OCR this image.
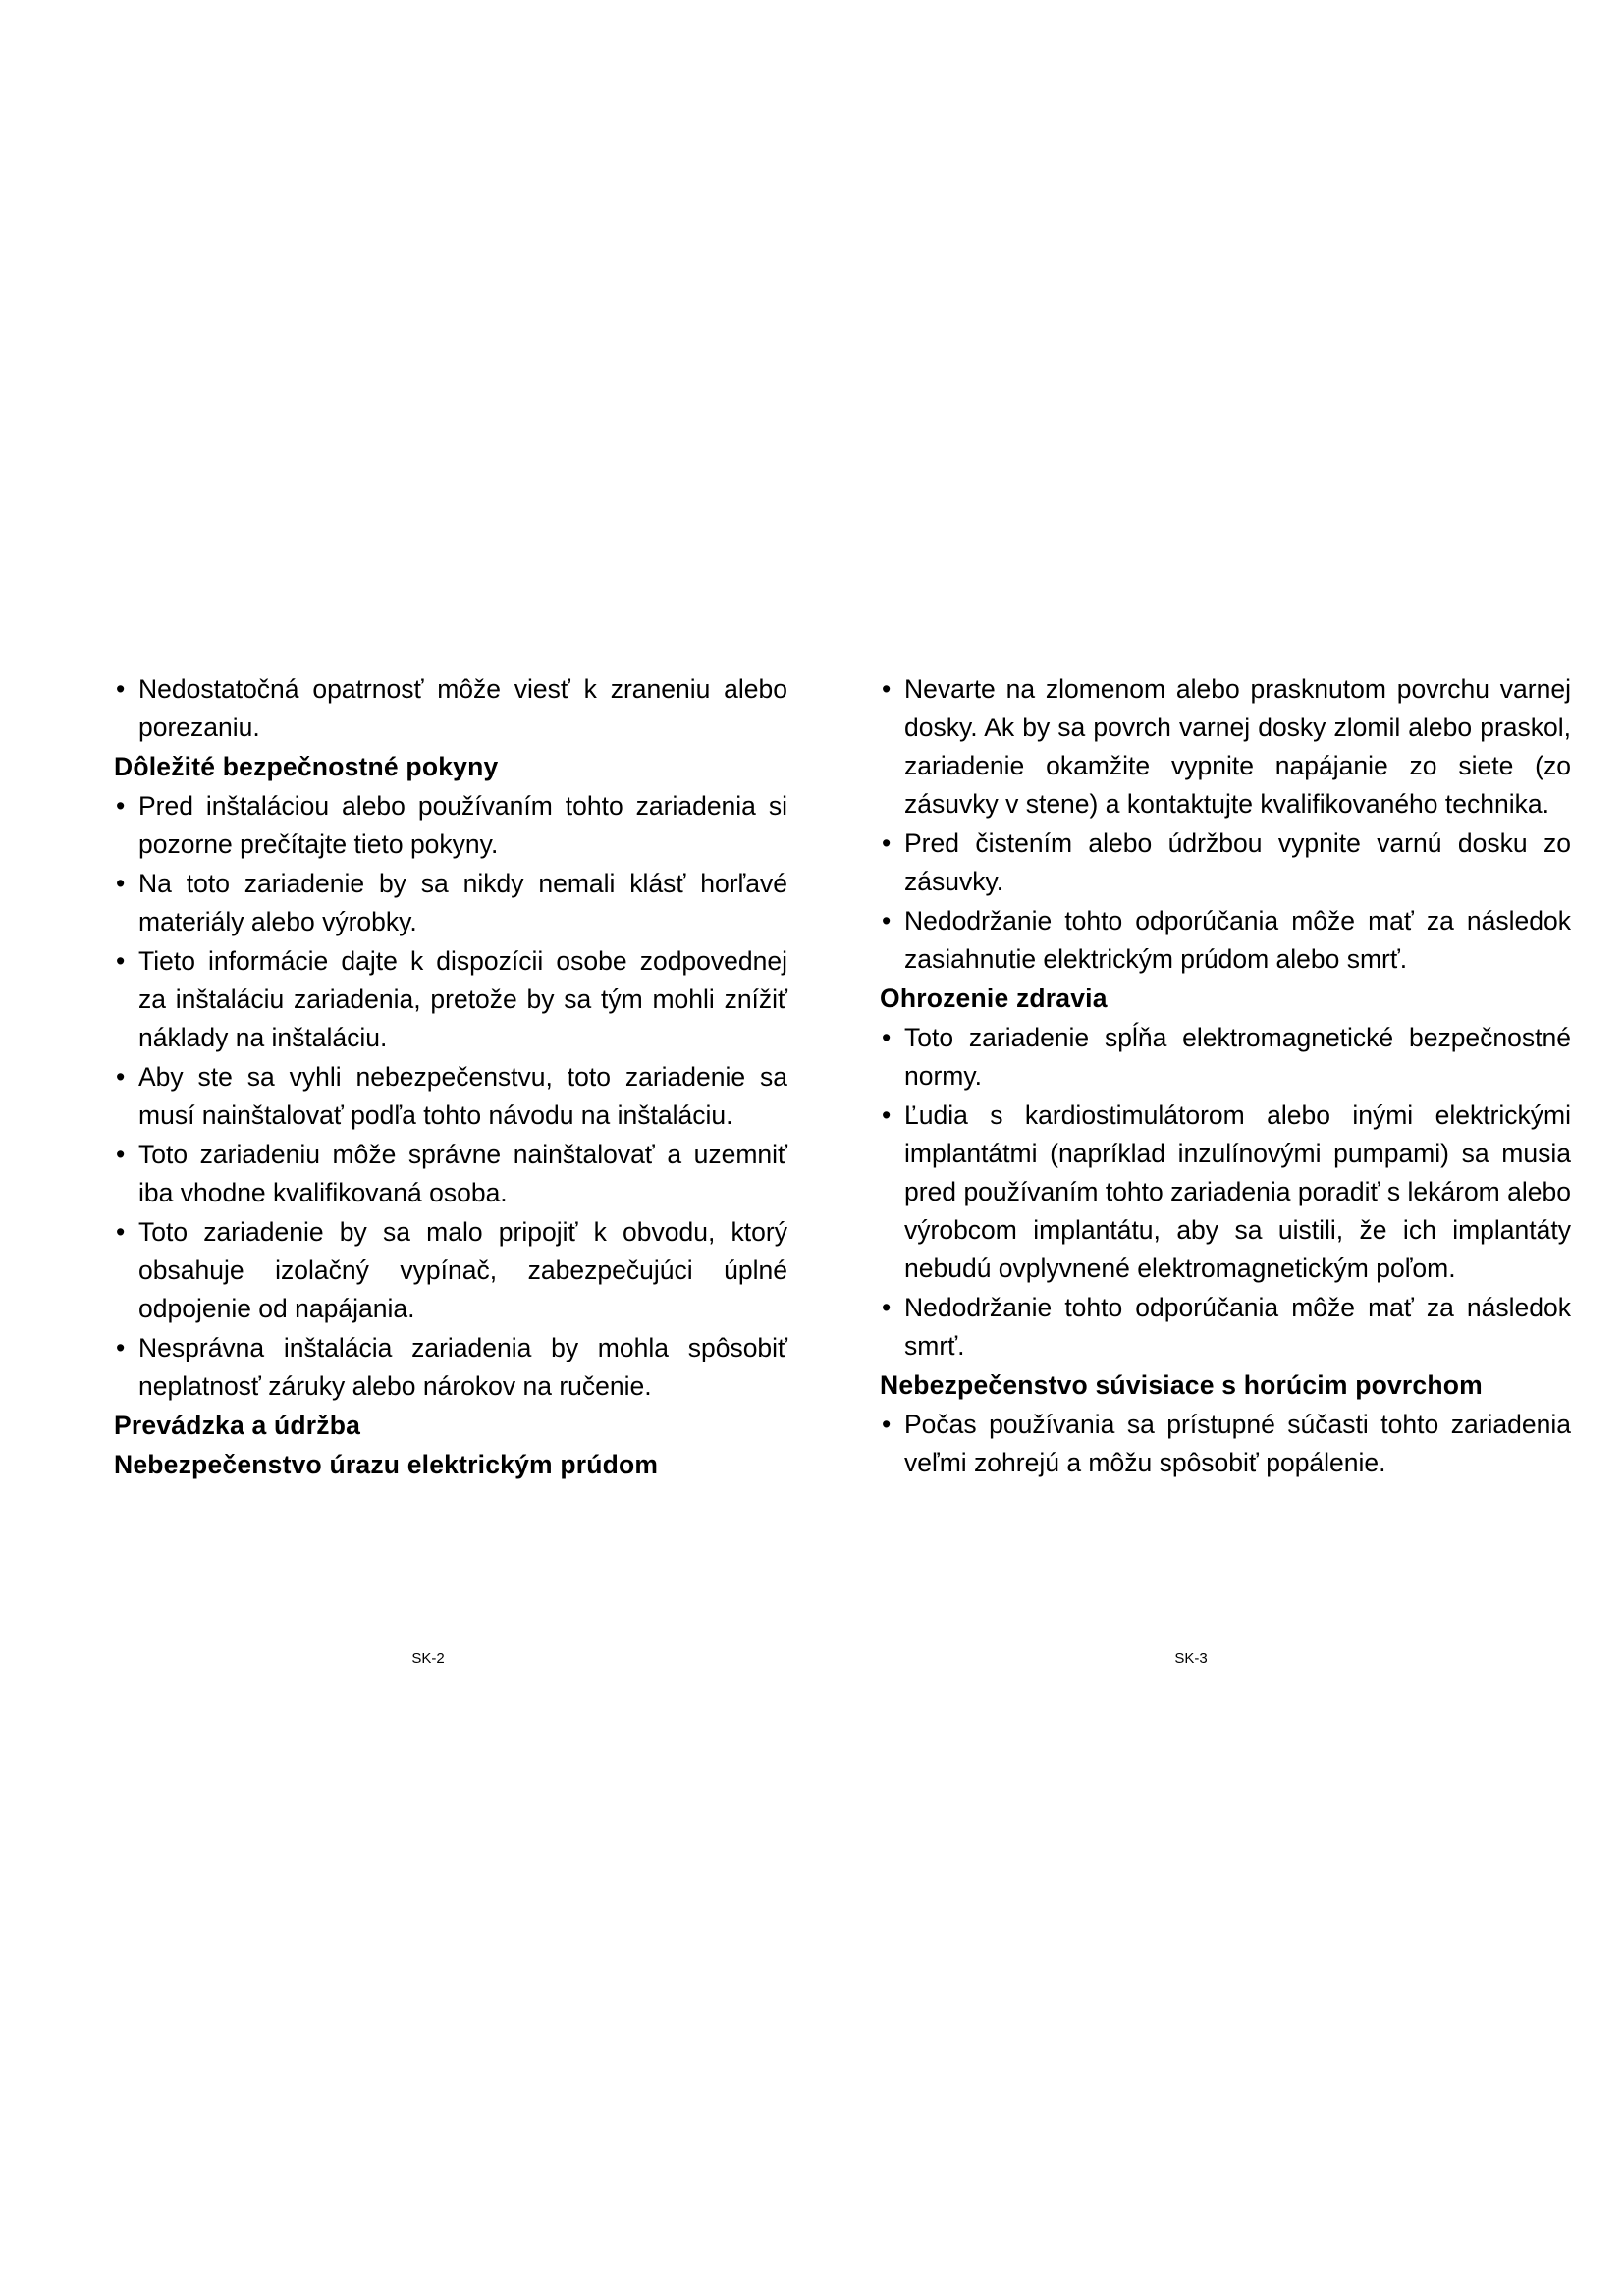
• Nedostatočná opatrnosť môže viesť k zraneniu alebo porezaniu.
Dôležité bezpečnostné pokyny
• Pred inštaláciou alebo používaním tohto zariadenia si pozorne prečítajte tieto pokyny.
• Na toto zariadenie by sa nikdy nemali klásť horľavé materiály alebo výrobky.
• Tieto informácie dajte k dispozícii osobe zodpovednej za inštaláciu zariadenia, pretože by sa tým mohli znížiť náklady na inštaláciu.
• Aby ste sa vyhli nebezpečenstvu, toto zariadenie sa musí nainštalovať podľa tohto návodu na inštaláciu.
• Toto zariadeniu môže správne nainštalovať a uzemniť iba vhodne kvalifikovaná osoba.
• Toto zariadenie by sa malo pripojiť k obvodu, ktorý obsahuje izolačný vypínač, zabezpečujúci úplné odpojenie od napájania.
• Nesprávna inštalácia zariadenia by mohla spôsobiť neplatnosť záruky alebo nárokov na ručenie.
Prevádzka a údržba
Nebezpečenstvo úrazu elektrickým prúdom
• Nevarte na zlomenom alebo prasknutom povrchu varnej dosky. Ak by sa povrch varnej dosky zlomil alebo praskol, zariadenie okamžite vypnite napájanie zo siete (zo zásuvky v stene) a kontaktujte kvalifikovaného technika.
• Pred čistením alebo údržbou vypnite varnú dosku zo zásuvky.
• Nedodržanie tohto odporúčania môže mať za následok zasiahnutie elektrickým prúdom alebo smrť.
Ohrozenie zdravia
• Toto zariadenie spĺňa elektromagnetické bezpečnostné normy.
• Ľudia s kardiostimulátorom alebo inými elektrickými implantátmi (napríklad inzulínovými pumpami) sa musia pred používaním tohto zariadenia poradiť s lekárom alebo výrobcom implantátu, aby sa uistili, že ich implantáty nebudú ovplyvnené elektromagnetickým poľom.
• Nedodržanie tohto odporúčania môže mať za následok smrť.
Nebezpečenstvo súvisiace s horúcim povrchom
• Počas používania sa prístupné súčasti tohto zariadenia veľmi zohrejú a môžu spôsobiť popálenie.
SK-2	SK-3
